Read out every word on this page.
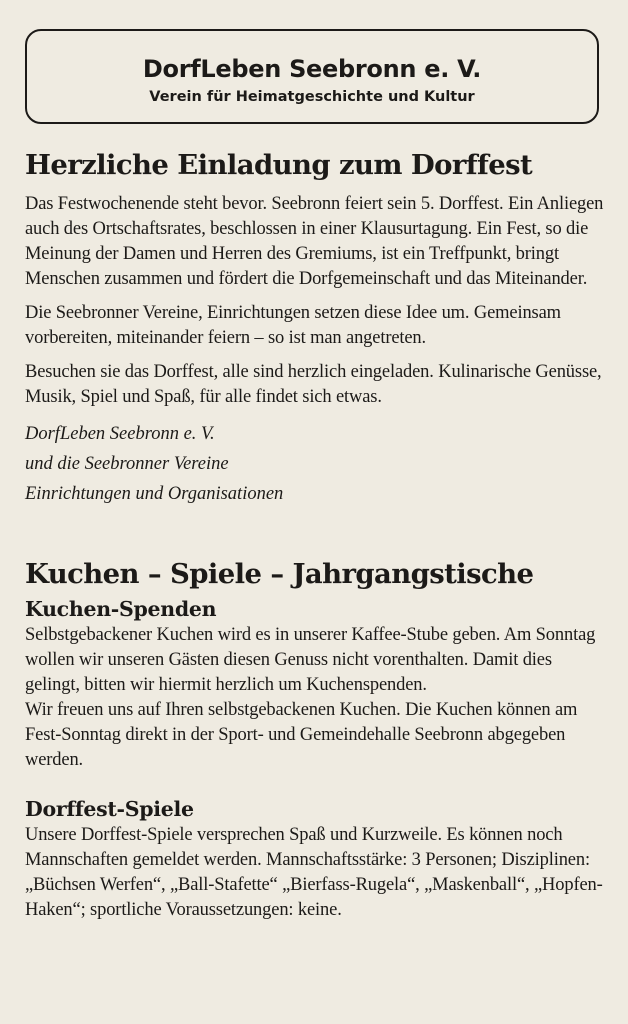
DorfLeben Seebronn e. V.
Verein für Heimatgeschichte und Kultur
Herzliche Einladung zum Dorffest

Das Festwochenende steht bevor. Seebronn feiert sein 5. Dorffest. Ein Anliegen auch des Ortschaftsrates, beschlossen in einer Klausurtagung. Ein Fest, so die Meinung der Damen und Herren des Gremiums, ist ein Treffpunkt, bringt Menschen zusammen und fördert die Dorfgemeinschaft und das Miteinander.

Die Seebronner Vereine, Einrichtungen setzen diese Idee um. Gemeinsam vorbereiten, miteinander feiern – so ist man angetreten.

Besuchen sie das Dorffest, alle sind herzlich eingeladen. Kulinarische Genüsse, Musik, Spiel und Spaß, für alle findet sich etwas.

DorfLeben Seebronn e. V.
und die Seebronner Vereine
Einrichtungen und Organisationen
Kuchen – Spiele – Jahrgangstische
Kuchen-Spenden

Selbstgebackener Kuchen wird es in unserer Kaffee-Stube geben. Am Sonntag wollen wir unseren Gästen diesen Genuss nicht vorenthalten. Damit dies gelingt, bitten wir hiermit herzlich um Kuchenspenden.

Wir freuen uns auf Ihren selbstgebackenen Kuchen. Die Kuchen können am Fest-Sonntag direkt in der Sport- und Gemeindehalle Seebronn abgegeben werden.

Dorffest-Spiele

Unsere Dorffest-Spiele versprechen Spaß und Kurzweile. Es können noch Mannschaften gemeldet werden. Mannschaftsstärke: 3 Personen; Disziplinen: „Büchsen Werfen“, „Ball-Stafette“ „Bierfass-Rugela“, „Maskenball“, „Hopfen-Haken“; sportliche Voraussetzungen: keine.
